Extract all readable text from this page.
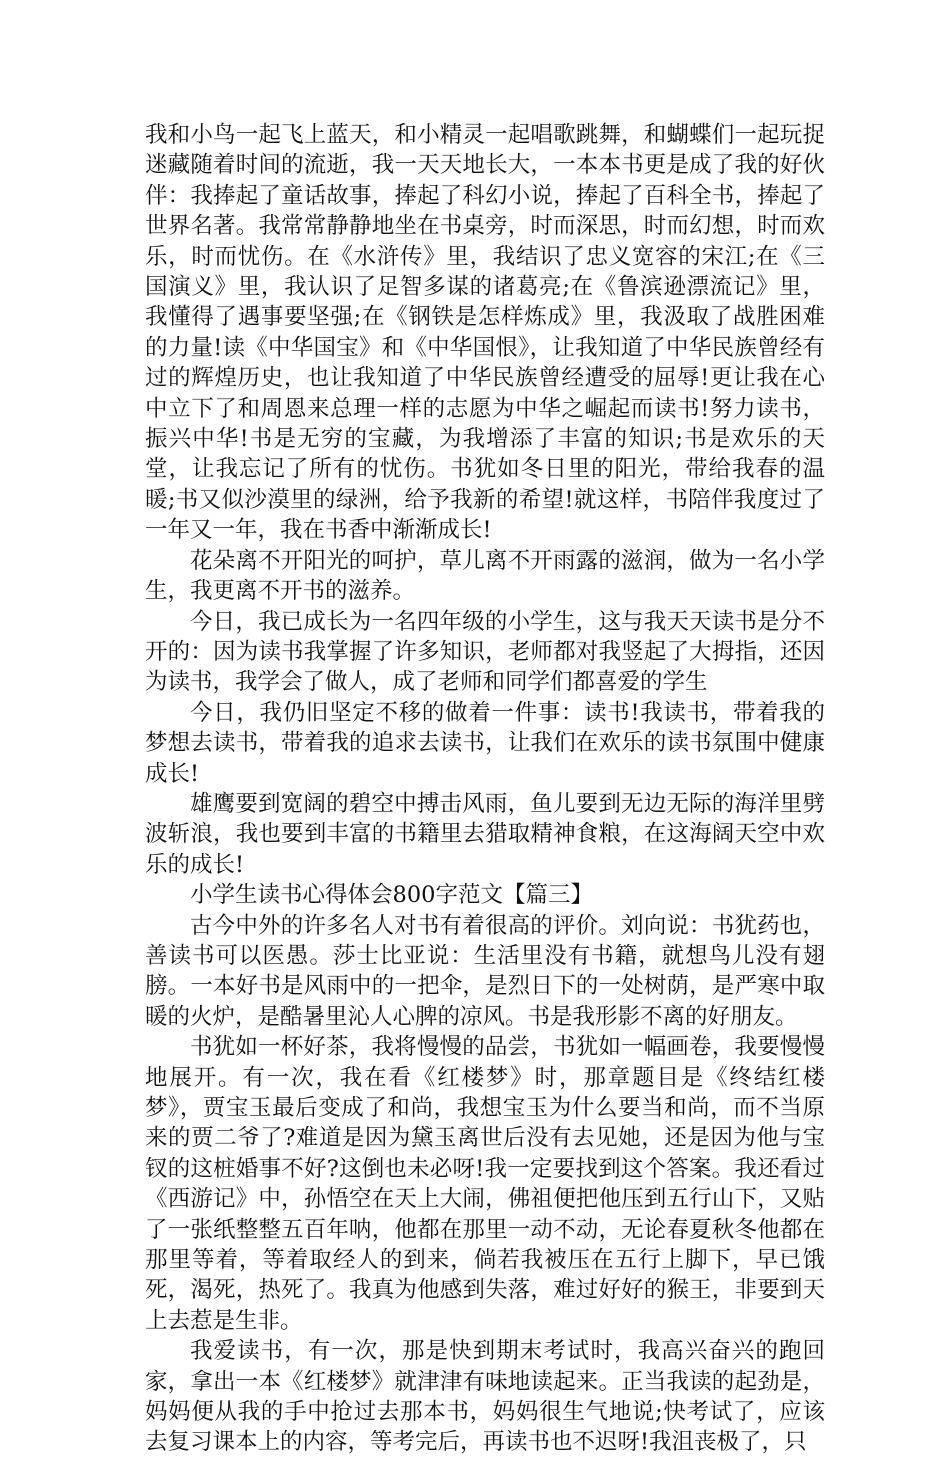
我和小鸟一起飞上蓝天，和小精灵一起唱歌跳舞，和蝴蝶们一起玩捉迷藏随着时间的流逝，我一天天地长大，一本本书更是成了我的好伙伴：我捧起了童话故事，捧起了科幻小说，捧起了百科全书，捧起了世界名著。我常常静静地坐在书桌旁，时而深思，时而幻想，时而欢乐，时而忧伤。在《水浒传》里，我结识了忠义宽容的宋江;在《三国演义》里，我认识了足智多谋的诸葛亮;在《鲁滨逊漂流记》里，我懂得了遇事要坚强;在《钢铁是怎样炼成》里，我汲取了战胜困难的力量!读《中华国宝》和《中华国恨》，让我知道了中华民族曾经有过的辉煌历史，也让我知道了中华民族曾经遭受的屈辱!更让我在心中立下了和周恩来总理一样的志愿为中华之崛起而读书!努力读书，振兴中华!书是无穷的宝藏，为我增添了丰富的知识;书是欢乐的天堂，让我忘记了所有的忧伤。书犹如冬日里的阳光，带给我春的温暖;书又似沙漠里的绿洲，给予我新的希望!就这样，书陪伴我度过了一年又一年，我在书香中渐渐成长!

花朵离不开阳光的呵护，草儿离不开雨露的滋润，做为一名小学生，我更离不开书的滋养。

今日，我已成长为一名四年级的小学生，这与我天天读书是分不开的：因为读书我掌握了许多知识，老师都对我竖起了大拇指，还因为读书，我学会了做人，成了老师和同学们都喜爱的学生

今日，我仍旧坚定不移的做着一件事：读书!我读书，带着我的梦想去读书，带着我的追求去读书，让我们在欢乐的读书氛围中健康成长!

雄鹰要到宽阔的碧空中搏击风雨，鱼儿要到无边无际的海洋里劈波斩浪，我也要到丰富的书籍里去猎取精神食粮，在这海阔天空中欢乐的成长!

小学生读书心得体会800字范文【篇三】

古今中外的许多名人对书有着很高的评价。刘向说：书犹药也，善读书可以医愚。莎士比亚说：生活里没有书籍，就想鸟儿没有翅膀。一本好书是风雨中的一把伞，是烈日下的一处树荫，是严寒中取暖的火炉，是酷暑里沁人心脾的凉风。书是我形影不离的好朋友。

书犹如一杯好茶，我将慢慢的品尝，书犹如一幅画卷，我要慢慢地展开。有一次，我在看《红楼梦》时，那章题目是《终结红楼梦》，贾宝玉最后变成了和尚，我想宝玉为什么要当和尚，而不当原来的贾二爷了?难道是因为黛玉离世后没有去见她，还是因为他与宝钗的这桩婚事不好?这倒也未必呀!我一定要找到这个答案。我还看过《西游记》中，孙悟空在天上大闹，佛祖便把他压到五行山下，又贴了一张纸整整五百年呐，他都在那里一动不动，无论春夏秋冬他都在那里等着，等着取经人的到来，倘若我被压在五行上脚下，早已饿死，渴死，热死了。我真为他感到失落，难过好好的猴王，非要到天上去惹是生非。

我爱读书，有一次，那是快到期末考试时，我高兴奋兴的跑回家，拿出一本《红楼梦》就津津有味地读起来。正当我读的起劲是，妈妈便从我的手中抢过去那本书，妈妈很生气地说;快考试了，应该去复习课本上的内容，等考完后，再读书也不迟呀!我沮丧极了，只
